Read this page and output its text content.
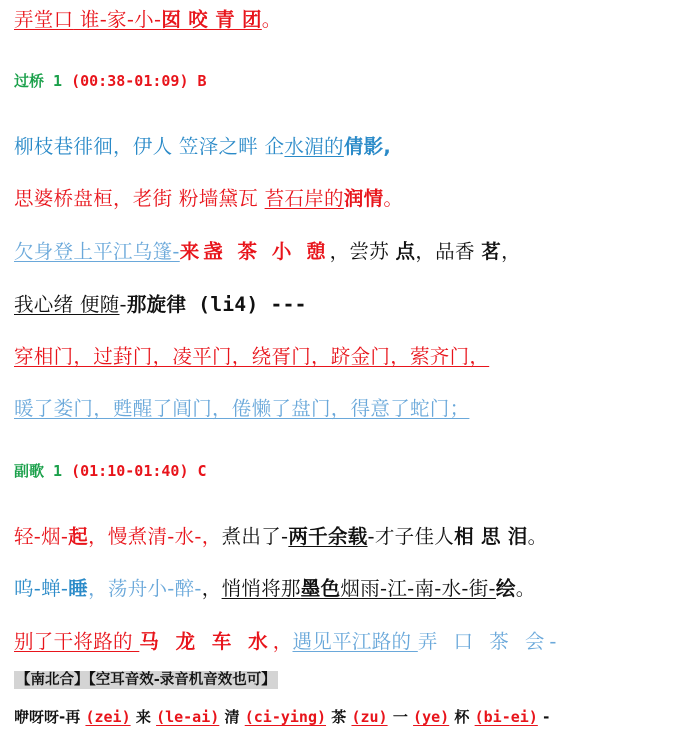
弄堂口 谁-家-小-囡 咬 青 团。
过桥 1 (00:38-01:09) B
柳枝巷徘徊，伊人 笠泽之畔 企水湄的倩影,
思婆桥盘桓，老街 粉墙黛瓦 苔石岸的润情。
欠身登上平江乌篷-来盏 茶 小 憩，尝苏 点，品香 茗，
我心绪 便随-那旋律 (li4) ---
穿相门，过葑门，凌平门，绕胥门，跻金门，萦齐门，
暖了娄门，甦醒了阊门，倦懒了盘门，得意了蛇门；
副歌 1 (01:10-01:40) C
轻-烟-起，慢煮清-水-，煮出了-两千余载-才子佳人相 思 泪。
呜-蝉-睡，荡舟小-醉-，悄悄将那墨色烟雨-江-南-水-街-绘。
别了干将路的 马 龙 车 水，遇见平江路的 弄 口 茶 会-
【南北合】【空耳音效-录音机音效也可】
咿呀呀-再 (zei) 来 (le-ai) 清 (ci-ying) 茶 (zu) 一 (ye) 杯 (bi-ei) -
